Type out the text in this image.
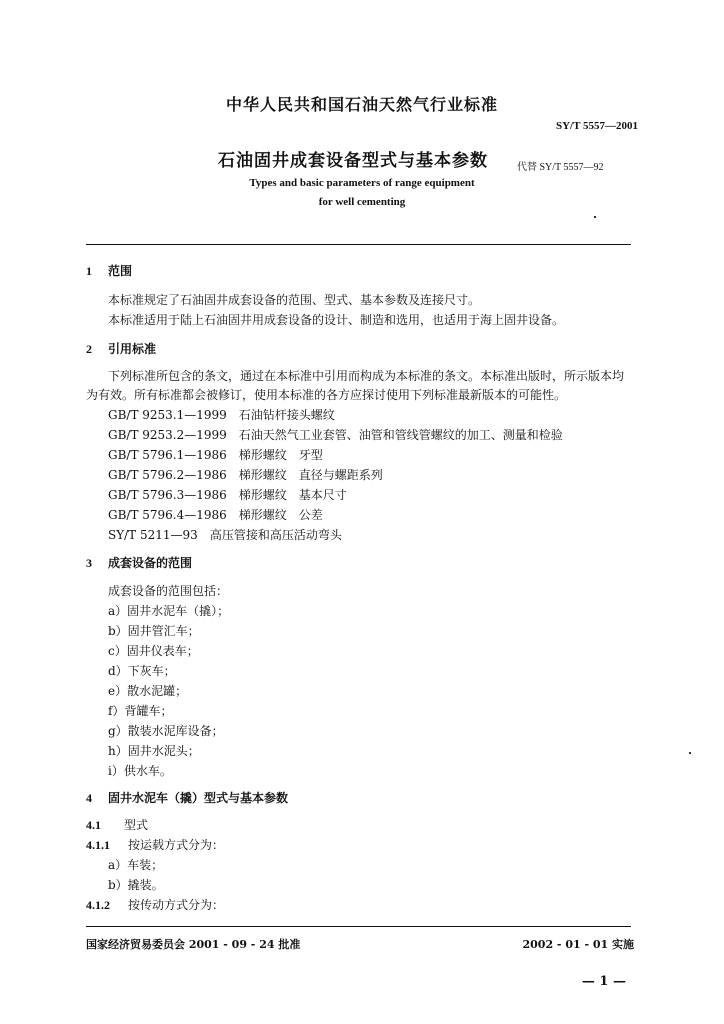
中华人民共和国石油天然气行业标准
SY/T 5557—2001
石油固井成套设备型式与基本参数	代替 SY/T 5557—92
Types and basic parameters of range equipment
for well cementing
1 范围
本标准规定了石油固井成套设备的范围、型式、基本参数及连接尺寸。
本标准适用于陆上石油固井用成套设备的设计、制造和选用，也适用于海上固井设备。
2 引用标准
下列标准所包含的条文，通过在本标准中引用而构成为本标准的条文。本标准出版时，所示版本均为有效。所有标准都会被修订，使用本标准的各方应探讨使用下列标准最新版本的可能性。
GB/T 9253.1—1999　石油钻杆接头螺纹
GB/T 9253.2—1999　石油天然气工业套管、油管和管线管螺纹的加工、测量和检验
GB/T 5796.1—1986　梯形螺纹　牙型
GB/T 5796.2—1986　梯形螺纹　直径与螺距系列
GB/T 5796.3—1986　梯形螺纹　基本尺寸
GB/T 5796.4—1986　梯形螺纹　公差
SY/T 5211—93　高压管接和高压活动弯头
3 成套设备的范围
成套设备的范围包括：
a）固井水泥车（撬）；
b）固井管汇车；
c）固井仪表车；
d）下灰车；
e）散水泥罐；
f）背罐车；
g）散装水泥库设备；
h）固井水泥头；
i）供水车。
4 固井水泥车（撬）型式与基本参数
4.1 型式
4.1.1 按运载方式分为：
a）车装；
b）撬装。
4.1.2 按传动方式分为：
国家经济贸易委员会 2001 - 09 - 24 批准	2002 - 01 - 01 实施
— 1 —
